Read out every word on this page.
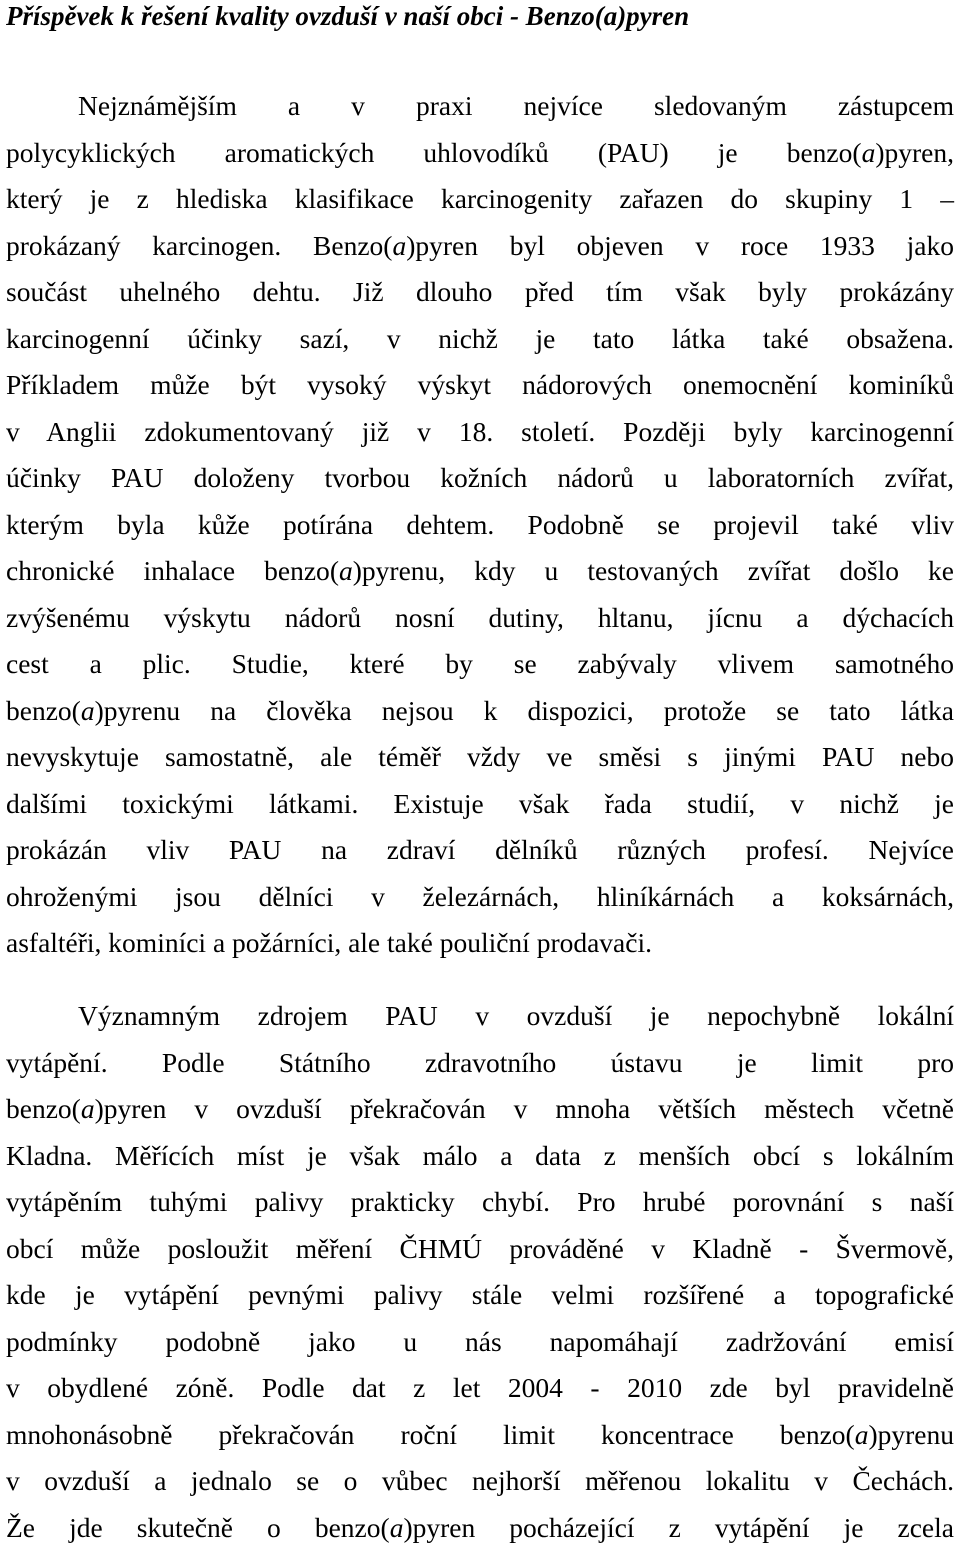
Příspěvek k řešení kvality ovzduší v naší obci - Benzo(a)pyren
Nejznámějším a v praxi nejvíce sledovaným zástupcem
polycyklických aromatických uhlovodíků (PAU) je benzo(a)pyren,
který je z hlediska klasifikace karcinogenity zařazen do skupiny 1 –
prokázaný karcinogen. Benzo(a)pyren byl objeven v roce 1933 jako
součást uhelného dehtu. Již dlouho před tím však byly prokázány
karcinogenní účinky sazí, v nichž je tato látka také obsažena.
Příkladem může být vysoký výskyt nádorových onemocnění kominíků
v Anglii zdokumentovaný již v 18. století. Později byly karcinogenní
účinky PAU doloženy tvorbou kožních nádorů u laboratorních zvířat,
kterým byla kůže potírána dehtem. Podobně se projevil také vliv
chronické inhalace benzo(a)pyrenu, kdy u testovaných zvířat došlo ke
zvýšenému výskytu nádorů nosní dutiny, hltanu, jícnu a dýchacích
cest a plic. Studie, které by se zabývaly vlivem samotného
benzo(a)pyrenu na člověka nejsou k dispozici, protože se tato látka
nevyskytuje samostatně, ale téměř vždy ve směsi s jinými PAU nebo
dalšími toxickými látkami. Existuje však řada studií, v nichž je
prokázán vliv PAU na zdraví dělníků různých profesí. Nejvíce
ohroženými jsou dělníci v železárnách, hliníkárnách a koksárnách,
asfaltéři, kominíci a požárníci, ale také pouliční prodavači.
Významným zdrojem PAU v ovzduší je nepochybně lokální
vytápění. Podle Státního zdravotního ústavu je limit pro
benzo(a)pyren v ovzduší překračován v mnoha větších městech včetně
Kladna. Měřících míst je však málo a data z menších obcí s lokálním
vytápěním tuhými palivy prakticky chybí. Pro hrubé porovnání s naší
obcí může posloužit měření ČHMÚ prováděné v Kladně - Švermově,
kde je vytápění pevnými palivy stále velmi rozšířené a topografické
podmínky podobně jako u nás napomáhají zadržování emisí
v obydlené zóně. Podle dat z let 2004 - 2010 zde byl pravidelně
mnohonásobně překračován roční limit koncentrace benzo(a)pyrenu
v ovzduší a jednalo se o vůbec nejhorší měřenou lokalitu v Čechách.
Že jde skutečně o benzo(a)pyren pocházející z vytápění je zcela
